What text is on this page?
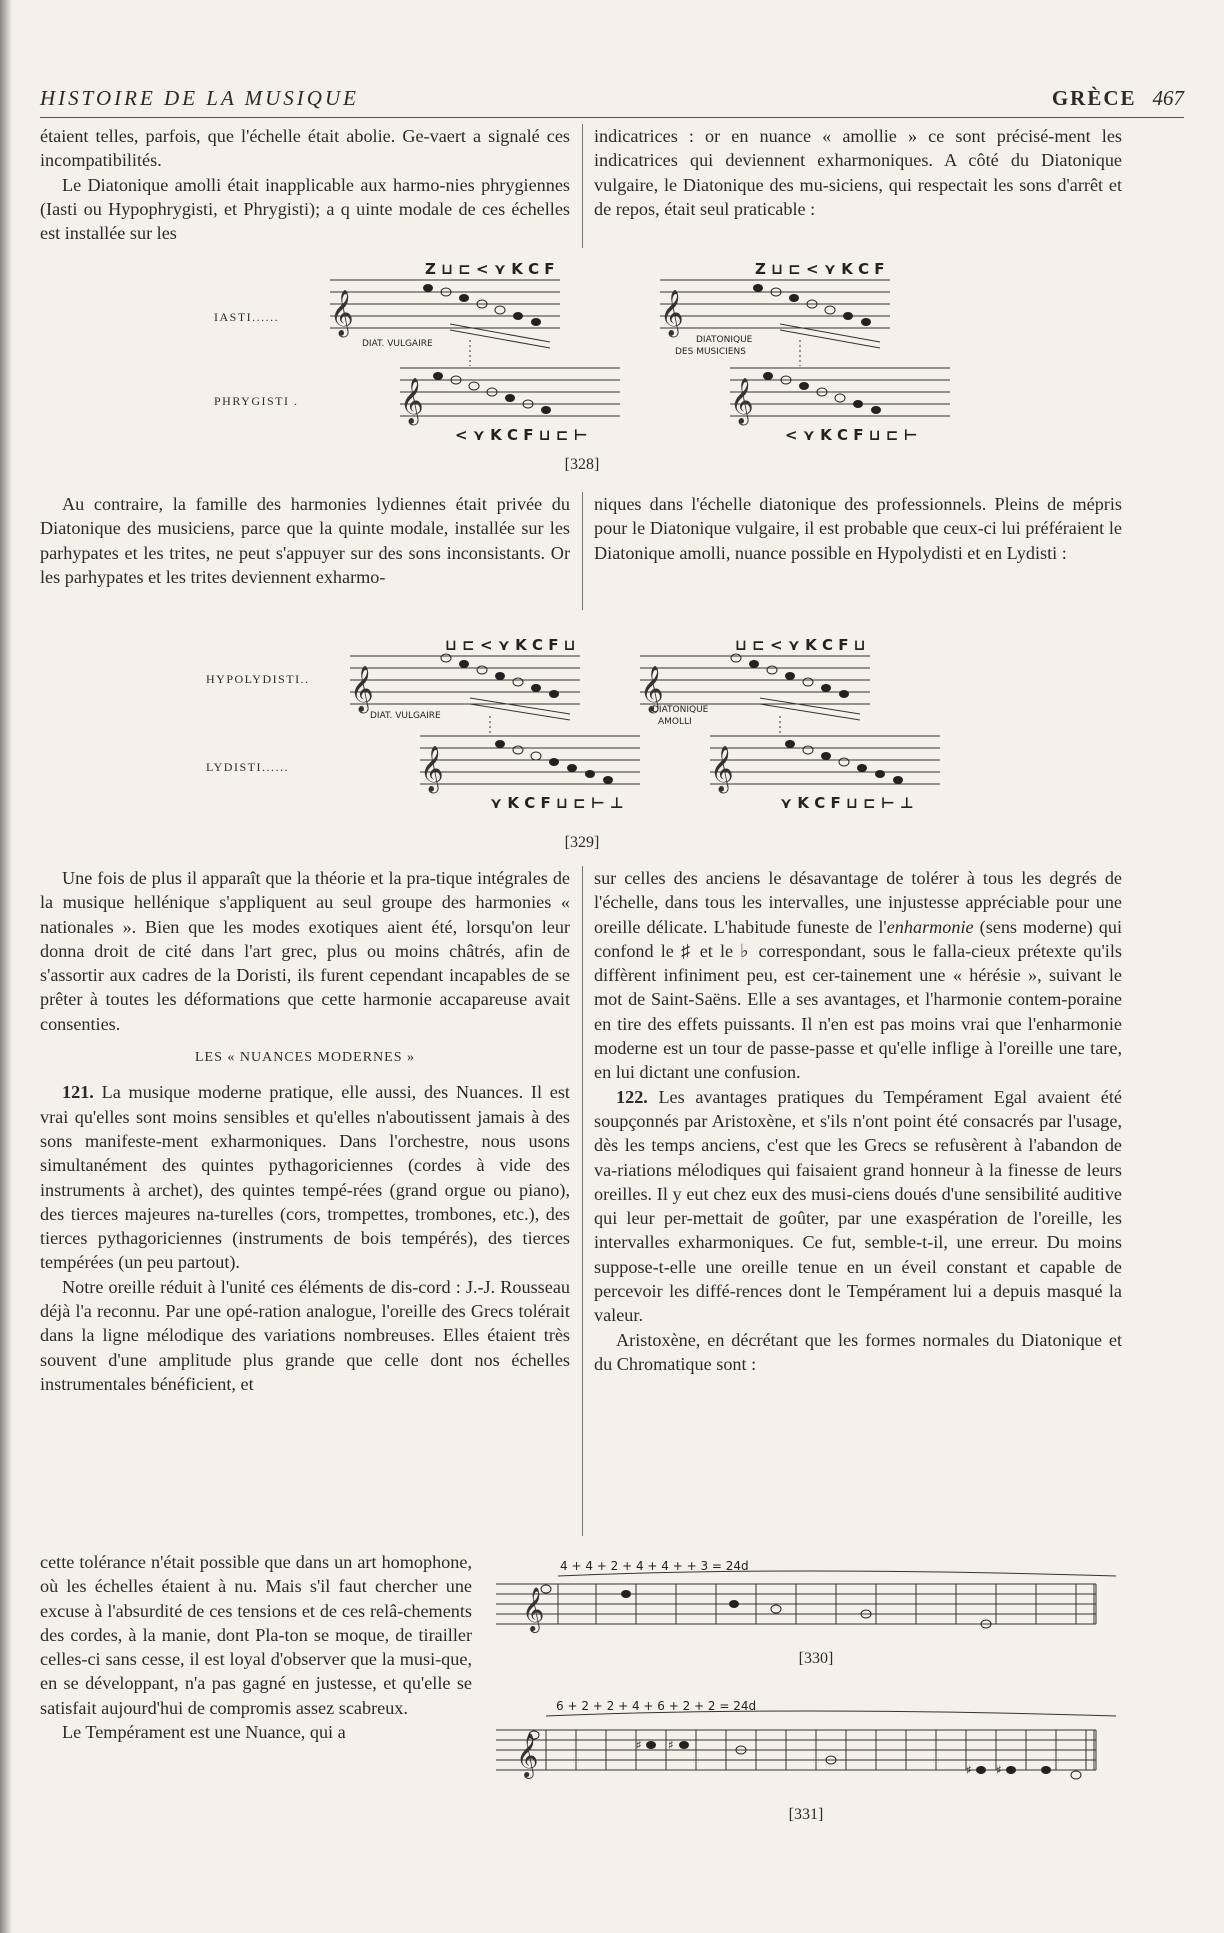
HISTOIRE DE LA MUSIQUE	GRÈCE 467

étaient telles, parfois, que l'échelle était abolie. Ge-vaert a signalé ces incompatibilités.

Le Diatonique amolli était inapplicable aux harmo-nies phrygiennes (Iasti ou Hypophrygisti, et Phrygisti); a q uinte modale de ces échelles est installée sur les

indicatrices : or en nuance « amollie » ce sont précisé-ment les indicatrices qui deviennent exharmoniques. A côté du Diatonique vulgaire, le Diatonique des mu-siciens, qui respectait les sons d'arrêt et de repos, était seul praticable :

IASTI......
PHRYGISTI .
𝄞
𝄞
𝄞
𝄞
Z ⊔ ⊏ < ⋎ K C F	Z ⊔ ⊏ < ⋎ K C F
< ⋎ K C F ⊔ ⊏ ⊢	< ⋎ K C F ⊔ ⊏ ⊢
DIAT. VULGAIRE	DIATONIQUE
DES MUSICIENS
[328]

Au contraire, la famille des harmonies lydiennes était privée du Diatonique des musiciens, parce que la quinte modale, installée sur les parhypates et les trites, ne peut s'appuyer sur des sons inconsistants. Or les parhypates et les trites deviennent exharmo-

niques dans l'échelle diatonique des professionnels. Pleins de mépris pour le Diatonique vulgaire, il est probable que ceux-ci lui préféraient le Diatonique amolli, nuance possible en Hypolydisti et en Lydisti :

HYPOLYDISTI..
LYDISTI......
𝄞
𝄞
𝄞
𝄞
⊔ ⊏ < ⋎ K C F ⊔	⊔ ⊏ < ⋎ K C F ⊔
⋎ K C F ⊔ ⊏ ⊢ ⊥	⋎ K C F ⊔ ⊏ ⊢ ⊥
DIAT. VULGAIRE
DIATONIQUE
AMOLLI
[329]

Une fois de plus il apparaît que la théorie et la pra-tique intégrales de la musique hellénique s'appliquent au seul groupe des harmonies « nationales ». Bien que les modes exotiques aient été, lorsqu'on leur donna droit de cité dans l'art grec, plus ou moins châtrés, afin de s'assortir aux cadres de la Doristi, ils furent cependant incapables de se prêter à toutes les déformations que cette harmonie accapareuse avait consenties.

LES « NUANCES MODERNES »

121. La musique moderne pratique, elle aussi, des Nuances. Il est vrai qu'elles sont moins sensibles et qu'elles n'aboutissent jamais à des sons manifeste-ment exharmoniques. Dans l'orchestre, nous usons simultanément des quintes pythagoriciennes (cordes à vide des instruments à archet), des quintes tempé-rées (grand orgue ou piano), des tierces majeures na-turelles (cors, trompettes, trombones, etc.), des tierces pythagoriciennes (instruments de bois tempérés), des tierces tempérées (un peu partout).

Notre oreille réduit à l'unité ces éléments de dis-cord : J.-J. Rousseau déjà l'a reconnu. Par une opé-ration analogue, l'oreille des Grecs tolérait dans la ligne mélodique des variations nombreuses. Elles étaient très souvent d'une amplitude plus grande que celle dont nos échelles instrumentales bénéficient, et

cette tolérance n'était possible que dans un art homophone, où les échelles étaient à nu. Mais s'il faut chercher une excuse à l'absurdité de ces tensions et de ces relâ-chements des cordes, à la manie, dont Pla-ton se moque, de tirailler celles-ci sans cesse, il est loyal d'observer que la musi-que, en se développant, n'a pas gagné en justesse, et qu'elle se satisfait aujourd'hui de compromis assez scabreux.

Le Tempérament est une Nuance, qui a

sur celles des anciens le désavantage de tolérer à tous les degrés de l'échelle, dans tous les intervalles, une injustesse appréciable pour une oreille délicate. L'habitude funeste de l'enharmonie (sens moderne) qui confond le ♯ et le ♭ correspondant, sous le falla-cieux prétexte qu'ils diffèrent infiniment peu, est cer-tainement une « hérésie », suivant le mot de Saint-Saëns. Elle a ses avantages, et l'harmonie contem-poraine en tire des effets puissants. Il n'en est pas moins vrai que l'enharmonie moderne est un tour de passe-passe et qu'elle inflige à l'oreille une tare, en lui dictant une confusion.

122. Les avantages pratiques du Tempérament Egal avaient été soupçonnés par Aristoxène, et s'ils n'ont point été consacrés par l'usage, dès les temps anciens, c'est que les Grecs se refusèrent à l'abandon de va-riations mélodiques qui faisaient grand honneur à la finesse de leurs oreilles. Il y eut chez eux des musi-ciens doués d'une sensibilité auditive qui leur per-mettait de goûter, par une exaspération de l'oreille, les intervalles exharmoniques. Ce fut, semble-t-il, une erreur. Du moins suppose-t-elle une oreille tenue en un éveil constant et capable de percevoir les diffé-rences dont le Tempérament lui a depuis masqué la valeur.

Aristoxène, en décrétant que les formes normales du Diatonique et du Chromatique sont :

4 + 4 + 2 + 4 + 4 + + 3 = 24d
𝄞
[330]
6 + 2 + 2 + 4 + 6 + 2 + 2 = 24d
𝄞	♯ ♯
♯ ♯
[331]
